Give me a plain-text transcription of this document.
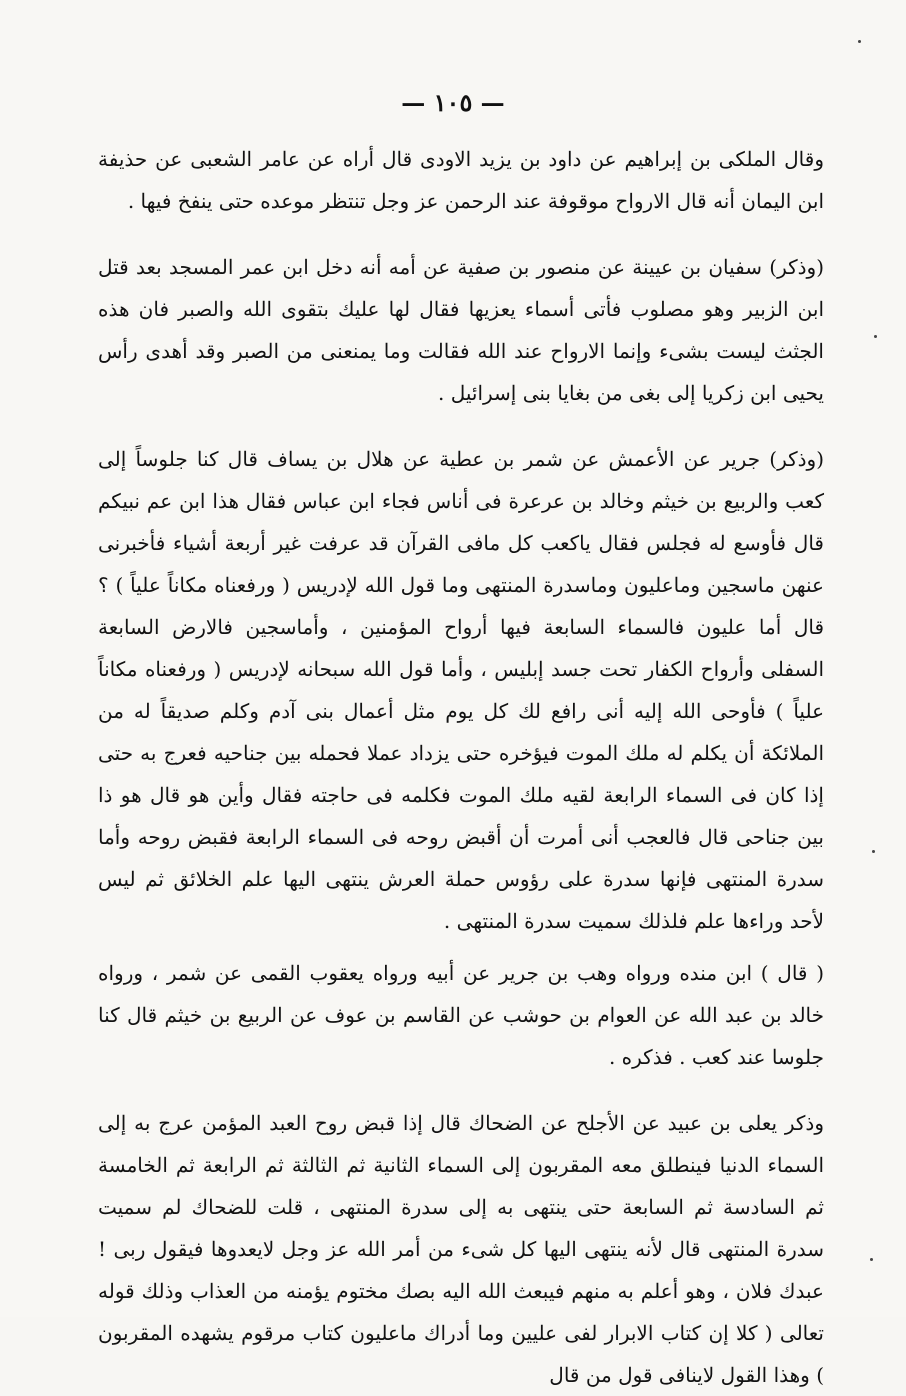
— ١٠٥ —

وقال الملكى بن إبراهيم عن داود بن يزيد الاودى قال أراه عن عامر الشعبى عن حذيفة ابن اليمان أنه قال الارواح موقوفة عند الرحمن عز وجل تنتظر موعده حتى ينفخ فيها .

(وذكر) سفيان بن عيينة عن منصور بن صفية عن أمه أنه دخل ابن عمر المسجد بعد قتل ابن الزبير وهو مصلوب فأتى أسماء يعزيها فقال لها عليك بتقوى الله والصبر فان هذه الجثث ليست بشىء وإنما الارواح عند الله فقالت وما يمنعنى من الصبر وقد أهدى رأس يحيى ابن زكريا إلى بغى من بغايا بنى إسرائيل .

(وذكر) جرير عن الأعمش عن شمر بن عطية عن هلال بن يساف قال كنا جلوساً إلى كعب والربيع بن خيثم وخالد بن عرعرة فى أناس فجاء ابن عباس فقال هذا ابن عم نبيكم قال فأوسع له فجلس فقال ياكعب كل مافى القرآن قد عرفت غير أربعة أشياء فأخبرنى عنهن ماسجين وماعليون وماسدرة المنتهى وما قول الله لإدريس ( ورفعناه مكاناً علياً ) ؟ قال أما عليون فالسماء السابعة فيها أرواح المؤمنين ، وأماسجين فالارض السابعة السفلى وأرواح الكفار تحت جسد إبليس ، وأما قول الله سبحانه لإدريس ( ورفعناه مكاناً علياً ) فأوحى الله إليه أنى رافع لك كل يوم مثل أعمال بنى آدم وكلم صديقاً له من الملائكة أن يكلم له ملك الموت فيؤخره حتى يزداد عملا فحمله بين جناحيه فعرج به حتى إذا كان فى السماء الرابعة لقيه ملك الموت فكلمه فى حاجته فقال وأين هو قال هو ذا بين جناحى قال فالعجب أنى أمرت أن أقبض روحه فى السماء الرابعة فقبض روحه وأما سدرة المنتهى فإنها سدرة على رؤوس حملة العرش ينتهى اليها علم الخلائق ثم ليس لأحد وراءها علم فلذلك سميت سدرة المنتهى .

( قال ) ابن منده ورواه وهب بن جرير عن أبيه ورواه يعقوب القمى عن شمر ، ورواه خالد بن عبد الله عن العوام بن حوشب عن القاسم بن عوف عن الربيع بن خيثم قال كنا جلوسا عند كعب . فذكره .

وذكر يعلى بن عبيد عن الأجلح عن الضحاك قال إذا قبض روح العبد المؤمن عرج به إلى السماء الدنيا فينطلق معه المقربون إلى السماء الثانية ثم الثالثة ثم الرابعة ثم الخامسة ثم السادسة ثم السابعة حتى ينتهى به إلى سدرة المنتهى ، قلت للضحاك لم سميت سدرة المنتهى قال لأنه ينتهى اليها كل شىء من أمر الله عز وجل لايعدوها فيقول ربى ! عبدك فلان ، وهو أعلم به منهم فيبعث الله اليه بصك مختوم يؤمنه من العذاب وذلك قوله تعالى ( كلا إن كتاب الابرار لفى عليين وما أدراك ماعليون كتاب مرقوم يشهده المقربون ) وهذا القول لاينافى قول من قال
